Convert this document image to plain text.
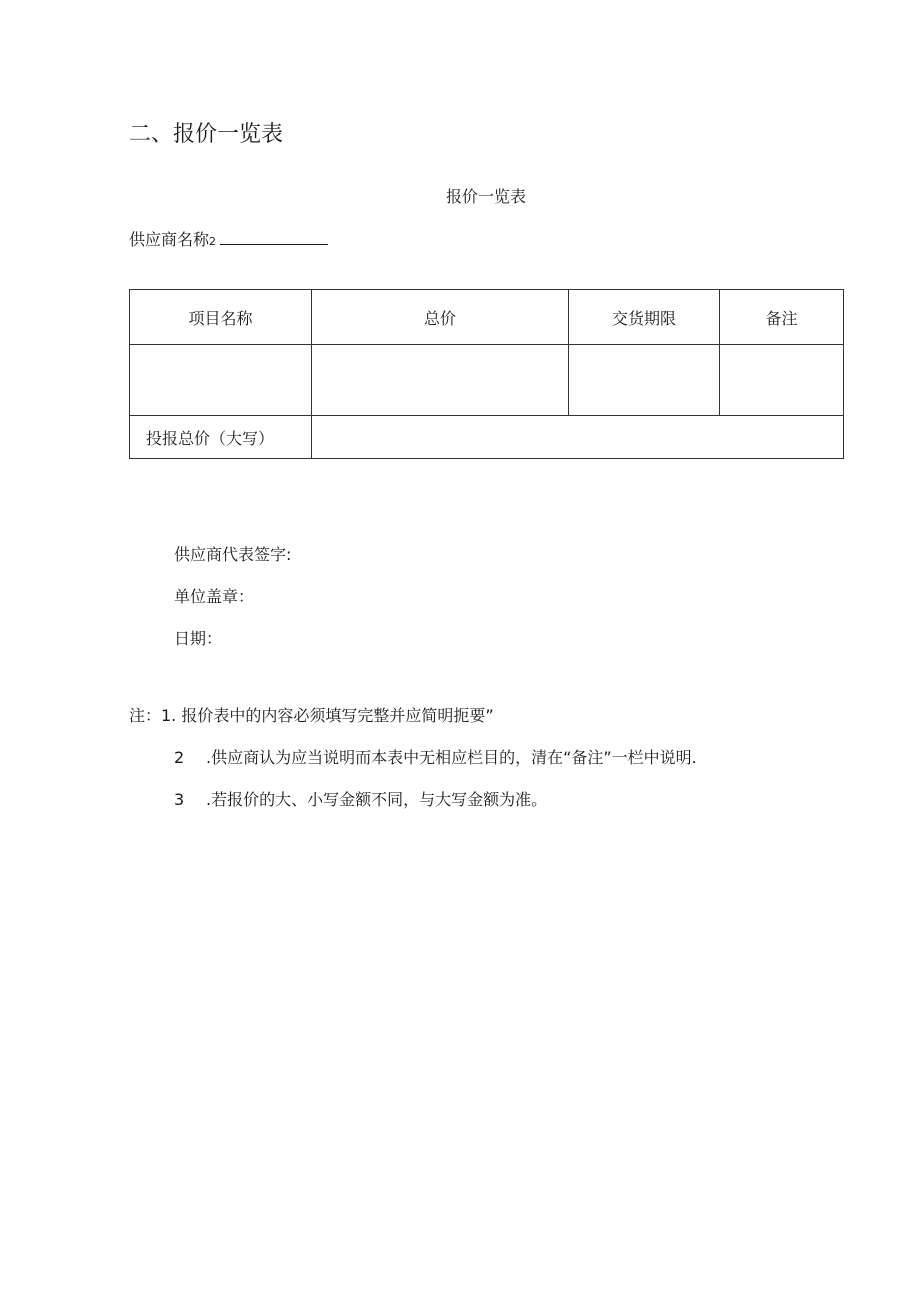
二、报价一览表
报价一览表
供应商名称2
项目名称	总价	交货期限	备注

投报总价（大写）			
供应商代表签字:
单位盖章：
日期：
注：1. 报价表中的内容必须填写完整并应简明扼要”
2 .供应商认为应当说明而本表中无相应栏目的，清在“备注”一栏中说明.
3 .若报价的大、小写金额不同，与大写金额为准。
